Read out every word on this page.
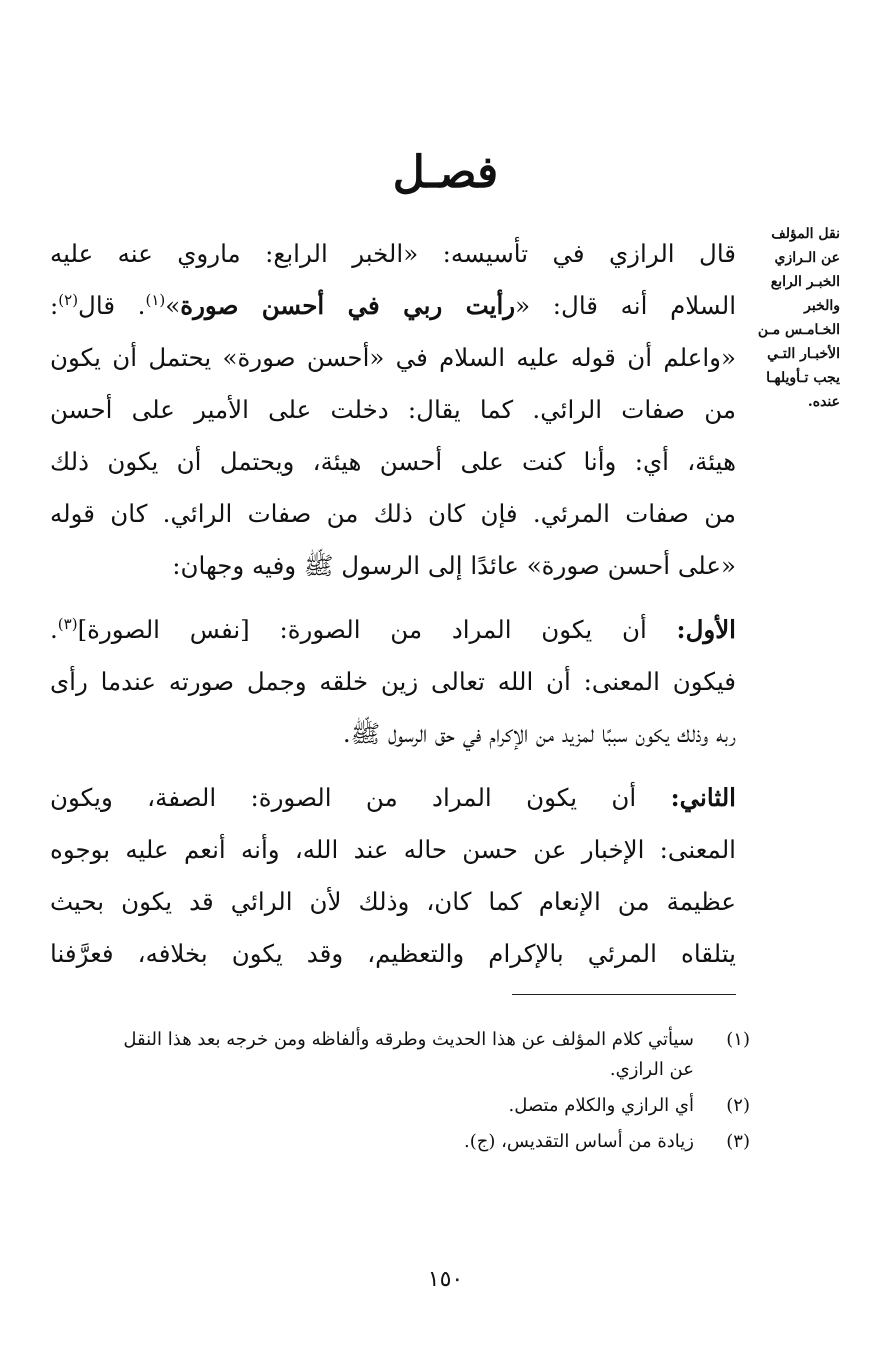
فصـل
نقل المؤلف عن الـرازي الخبـر الرابع والخبر الخـامـس مـن الأخبـار التـي يجب تـأويلهـا عنده.
قال الرازي في تأسيسه: «الخبر الرابع: ماروي عنه عليه
السلام أنه قال: «رأيت ربي في أحسن صورة»$^{(١)}$. قال$^{(٢)}$:
«واعلم أن قوله عليه السلام في «أحسن صورة» يحتمل أن يكون
من صفات الرائي. كما يقال: دخلت على الأمير على أحسن
هيئة، أي: وأنا كنت على أحسن هيئة، ويحتمل أن يكون ذلك
من صفات المرئي. فإن كان ذلك من صفات الرائي. كان قوله
«على أحسن صورة» عائدًا إلى الرسول ﷺ وفيه وجهان:
الأول: أن يكون المراد من الصورة: [نفس الصورة]$^{(٣)}$.
فيكون المعنى: أن الله تعالى زين خلقه وجمل صورته عندما رأى
ربه وذلك يكون سببًا لمزيد من الإكرام في حق الرسول ﷺ.
الثاني: أن يكون المراد من الصورة: الصفة، ويكون
المعنى: الإخبار عن حسن حاله عند الله، وأنه أنعم عليه بوجوه
عظيمة من الإنعام كما كان، وذلك لأن الرائي قد يكون بحيث
يتلقاه المرئي بالإكرام والتعظيم، وقد يكون بخلافه، فعرَّفنا
(١)
سيأتي كلام المؤلف عن هذا الحديث وطرقه وألفاظه ومن خرجه بعد هذا النقل
عن الرازي.
(٢)
أي الرازي والكلام متصل.
(٣)
زيادة من أساس التقديس، (ج).
١٥٠
